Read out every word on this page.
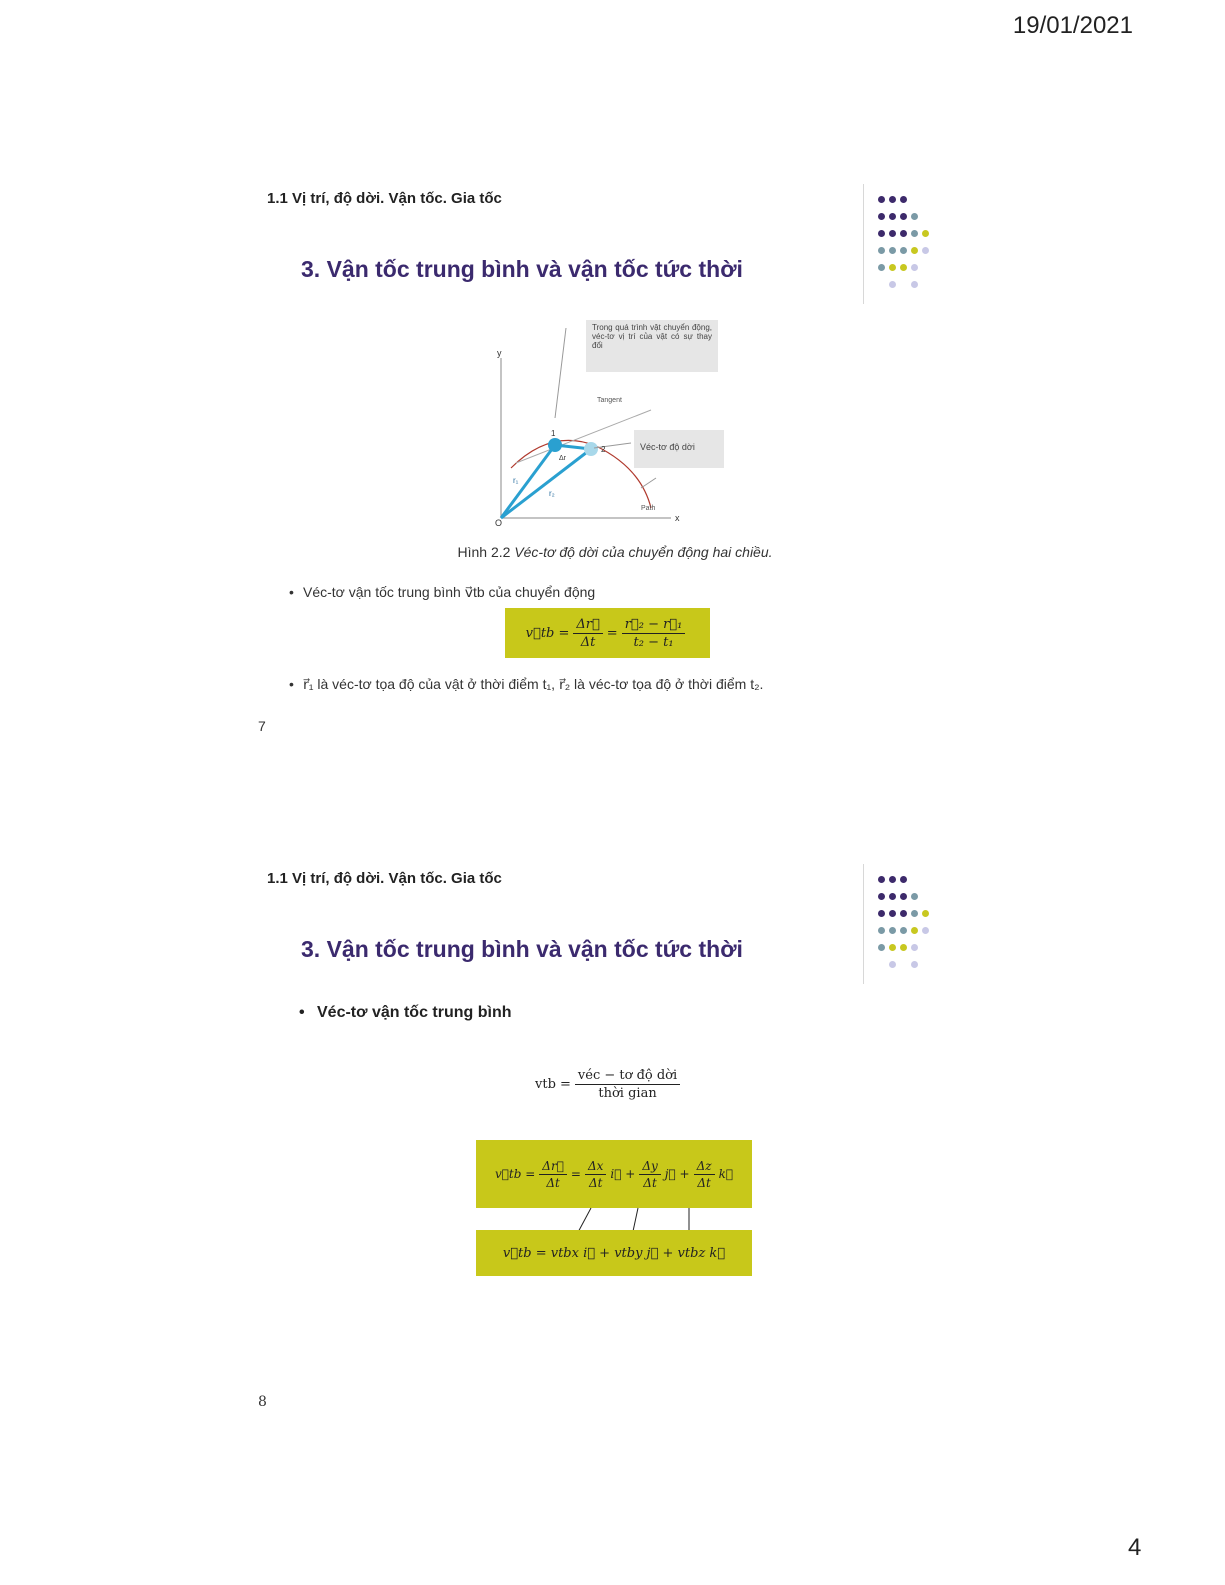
19/01/2021
1.1 Vị trí, độ dời. Vận tốc. Gia tốc
3. Vận tốc trung bình và vận tốc tức thời
O	x
y
1
2
r₁
r₂
Δr
Tangent
Path
Trong quá trình vật chuyển động, véc-tơ vị trí của vật có sự thay đổi
Véc-tơ độ dời
Hình 2.2 Véc-tơ độ dời của chuyển động hai chiều.
• Véc-tơ vận tốc trung bình v⃗tb của chuyển động
v⃗tb = $\frac{\Delta r⃗}{\Delta t} = \frac{\text{r⃗₂ − r⃗₁}}{\text{t₂ − t₁}}$
• r⃗₁ là véc-tơ tọa độ của vật ở thời điểm t₁, r⃗₂ là véc-tơ tọa độ ở thời điểm t₂.
7
1.1 Vị trí, độ dời. Vận tốc. Gia tốc
3. Vận tốc trung bình và vận tốc tức thời
• Véc-tơ vận tốc trung bình
vtb = $\frac{\text{véc − tơ độ dời}}{\text{thời gian}}$
v⃗tb = $\frac{\Delta r⃗}{\Delta t} = \frac{\Delta x}{\Delta t}$ i⃗ + $\frac{\Delta y}{\Delta t}$ j⃗ + $\frac{\Delta z}{\Delta t}$ k⃗
v⃗tb = vtbx i⃗ + vtby j⃗ + vtbz k⃗
8
4
